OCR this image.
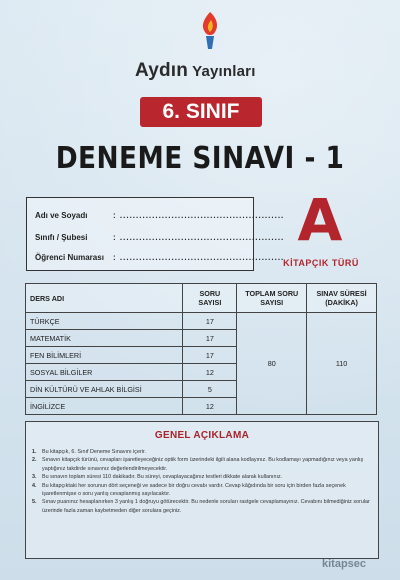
Aydın Yayınları
6. SINIF
DENEME SINAVI - 1
Adı ve Soyadı	: ...................................................
Sınıfı / Şubesi	: ...................................................
Öğrenci Numarası : ...................................................
A
KİTAPÇIK TÜRÜ
DERS ADI	SORU SAYISI	TOPLAM SORU SAYISI	SINAV SÜRESİ (DAKİKA)
TÜRKÇE	17	80	110
MATEMATİK	17		
FEN BİLİMLERİ	17		
SOSYAL BİLGİLER	12		
DİN KÜLTÜRÜ VE AHLAK BİLGİSİ	5		
İNGİLİZCE	12		
GENEL AÇIKLAMA
1. Bu kitapçık, 6. Sınıf Deneme Sınavını içerir.
2. Sınavın kitapçık türünü, cevapları işaretleyeceğiniz optik form üzerindeki ilgili alana kodlayınız. Bu kodlamayı yapmadığınız veya yanlış yaptığınız takdirde sınavınız değerlendirilmeyecektir.
3. Bu sınavın toplam süresi 110 dakikadır. Bu süreyi, cevaplayacağınız testleri dikkate alarak kullanınız.
4. Bu kitapçıktaki her sorunun dört seçeneği ve sadece bir doğru cevabı vardır. Cevap kâğıdında bir soru için birden fazla seçenek işaretlenmişse o soru yanlış cevaplanmış sayılacaktır.
5. Sınav puanınız hesaplanırken 3 yanlış 1 doğruyu götürecektir. Bu nedenle soruları rastgele cevaplamayınız. Cevabını bilmediğiniz sorular üzerinde fazla zaman kaybetmeden diğer sorulara geçiniz.
kitapsec
